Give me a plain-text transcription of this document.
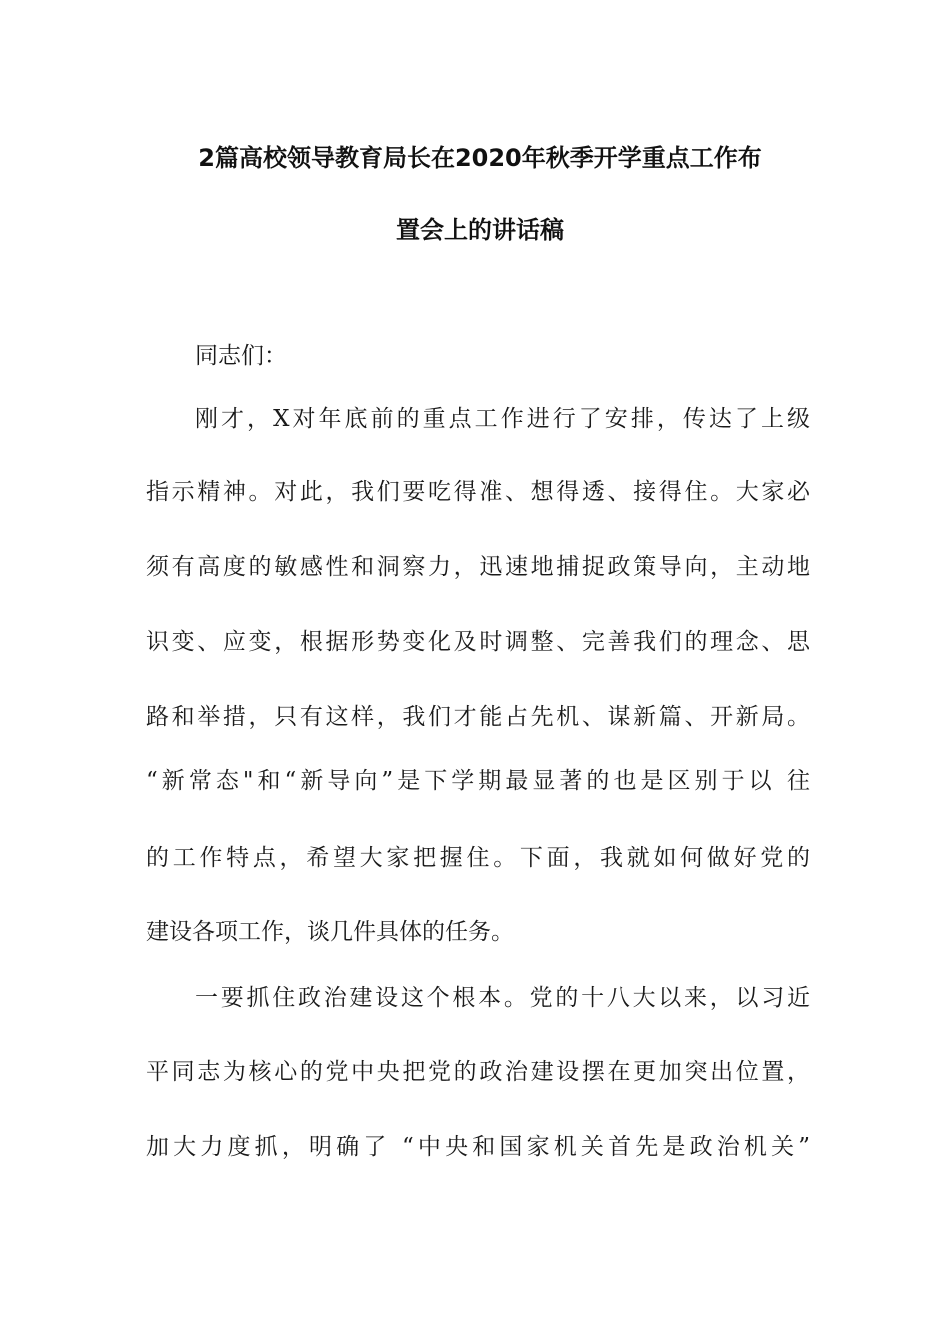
2篇高校领导教育局长在2020年秋季开学重点工作布
置会上的讲话稿
同志们：
刚才，X对年底前的重点工作进行了安排，传达了上级
指示精神。对此，我们要吃得准、想得透、接得住。大家必
须有高度的敏感性和洞察力，迅速地捕捉政策导向，主动地
识变、应变，根据形势变化及时调整、完善我们的理念、思
路和举措，只有这样，我们才能占先机、谋新篇、开新局。
“新常态"和“新导向”是下学期最显著的也是区别于以 往
的工作特点，希望大家把握住。下面，我就如何做好党的
建设各项工作，谈几件具体的任务。
一要抓住政治建设这个根本。党的十八大以来，以习近
平同志为核心的党中央把党的政治建设摆在更加突出位置，
加大力度抓，明确了 “中央和国家机关首先是政治机关”
